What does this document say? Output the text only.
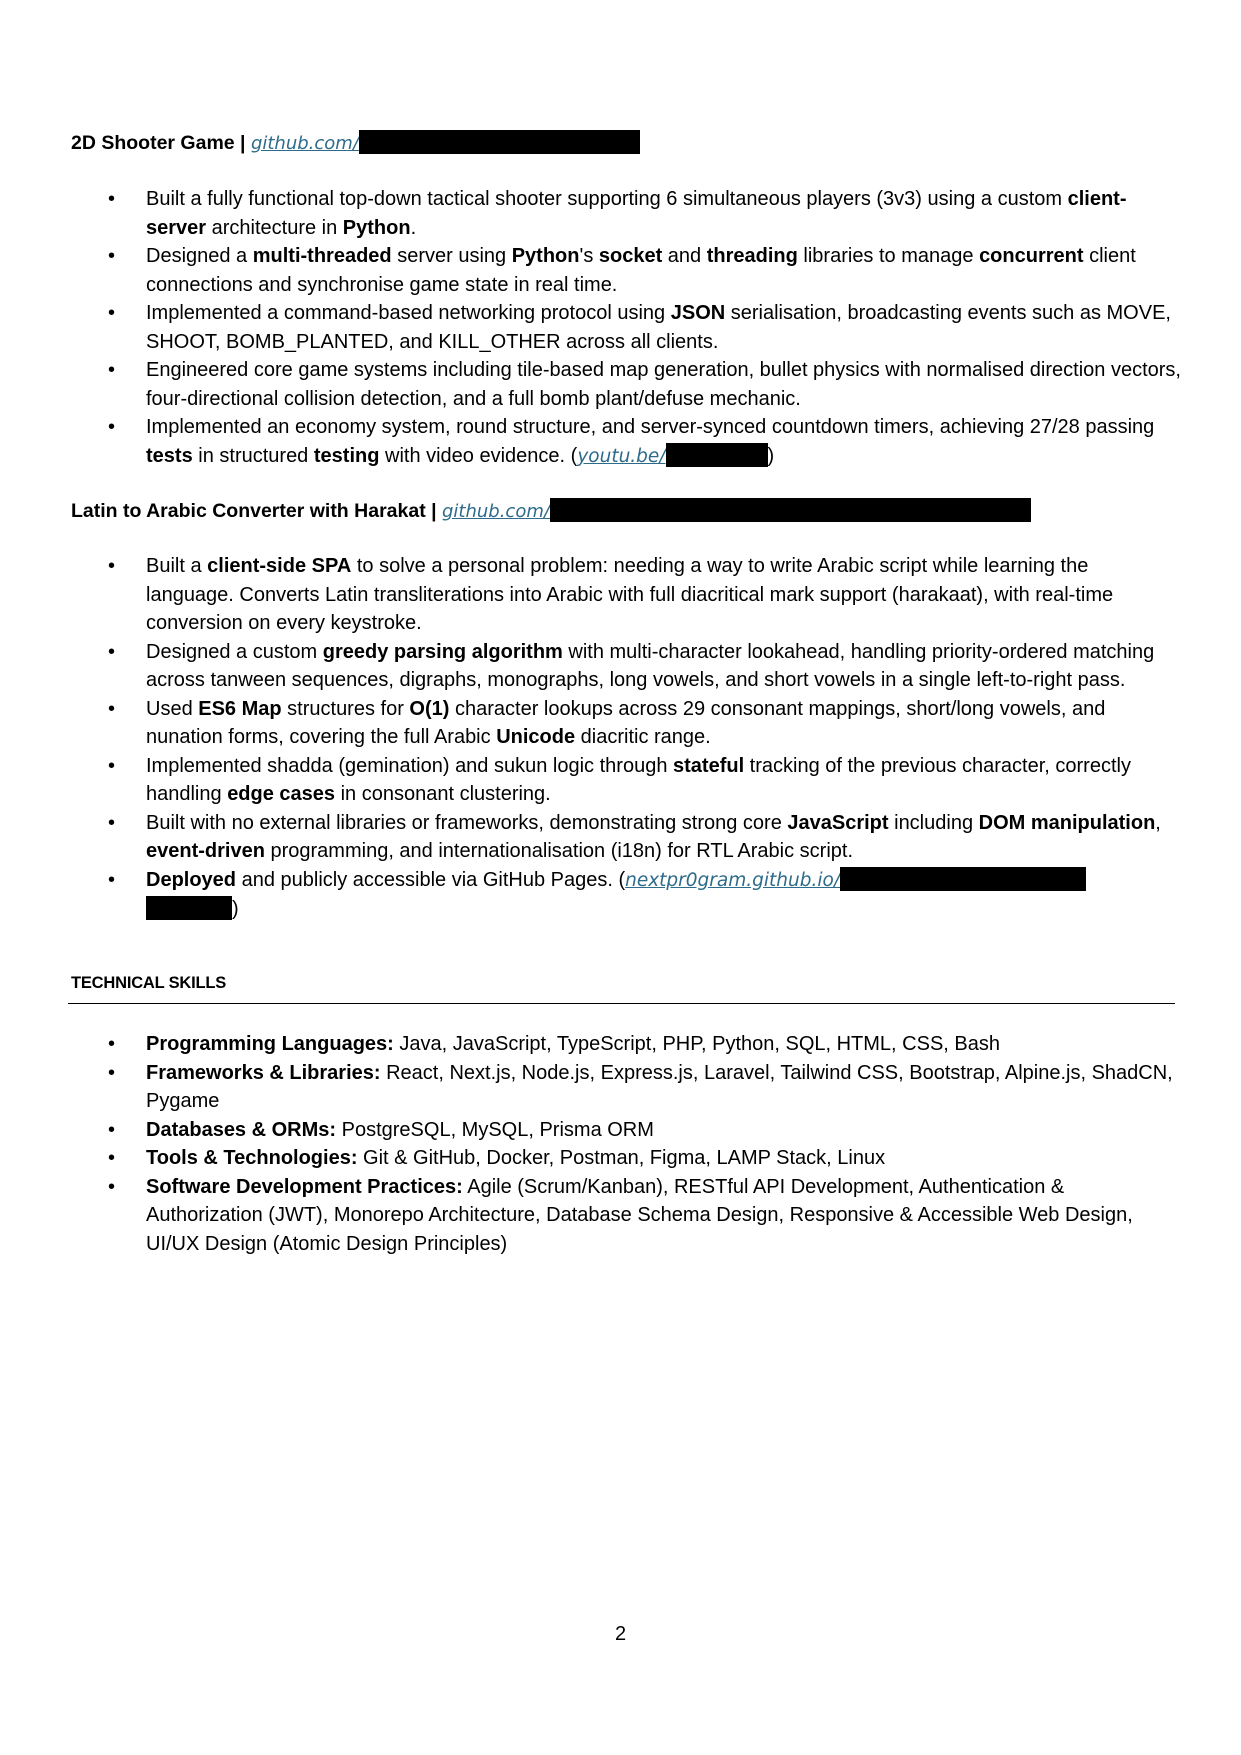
2D Shooter Game | github.com/
• Built a fully functional top-down tactical shooter supporting 6 simultaneous players (3v3) using a custom client-server architecture in Python.
• Designed a multi-threaded server using Python's socket and threading libraries to manage concurrent client connections and synchronise game state in real time.
• Implemented a command-based networking protocol using JSON serialisation, broadcasting events such as MOVE, SHOOT, BOMB_PLANTED, and KILL_OTHER across all clients.
• Engineered core game systems including tile-based map generation, bullet physics with normalised direction vectors, four-directional collision detection, and a full bomb plant/defuse mechanic.
• Implemented an economy system, round structure, and server-synced countdown timers, achieving 27/28 passing tests in structured testing with video evidence. (youtu.be/	)
Latin to Arabic Converter with Harakat | github.com/
• Built a client-side SPA to solve a personal problem: needing a way to write Arabic script while learning the language. Converts Latin transliterations into Arabic with full diacritical mark support (harakaat), with real-time conversion on every keystroke.
• Designed a custom greedy parsing algorithm with multi-character lookahead, handling priority-ordered matching across tanween sequences, digraphs, monographs, long vowels, and short vowels in a single left-to-right pass.
• Used ES6 Map structures for O(1) character lookups across 29 consonant mappings, short/long vowels, and nunation forms, covering the full Arabic Unicode diacritic range.
• Implemented shadda (gemination) and sukun logic through stateful tracking of the previous character, correctly handling edge cases in consonant clustering.
• Built with no external libraries or frameworks, demonstrating strong core JavaScript including DOM manipulation, event-driven programming, and internationalisation (i18n) for RTL Arabic script.
• Deployed and publicly accessible via GitHub Pages. (nextpr0gram.github.io/
)
TECHNICAL SKILLS
• Programming Languages: Java, JavaScript, TypeScript, PHP, Python, SQL, HTML, CSS, Bash
• Frameworks & Libraries: React, Next.js, Node.js, Express.js, Laravel, Tailwind CSS, Bootstrap, Alpine.js, ShadCN, Pygame
• Databases & ORMs: PostgreSQL, MySQL, Prisma ORM
• Tools & Technologies: Git & GitHub, Docker, Postman, Figma, LAMP Stack, Linux
• Software Development Practices: Agile (Scrum/Kanban), RESTful API Development, Authentication & Authorization (JWT), Monorepo Architecture, Database Schema Design, Responsive & Accessible Web Design, UI/UX Design (Atomic Design Principles)
2
